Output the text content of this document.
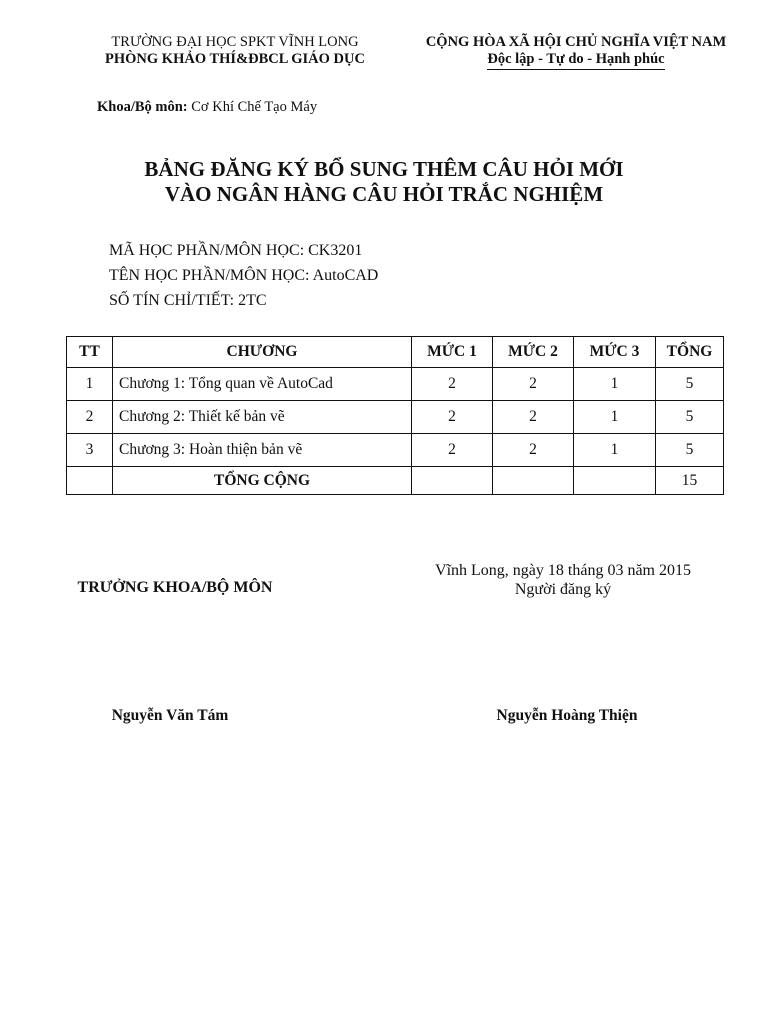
TRƯỜNG ĐẠI HỌC SPKT VĨNH LONG
PHÒNG KHẢO THÍ&ĐBCL GIÁO DỤC
CỘNG HÒA XÃ HỘI CHỦ NGHĨA VIỆT NAM
Độc lập - Tự do - Hạnh phúc
Khoa/Bộ môn: Cơ Khí Chế Tạo Máy
BẢNG ĐĂNG KÝ BỔ SUNG THÊM CÂU HỎI MỚI
VÀO NGÂN HÀNG CÂU HỎI TRẮC NGHIỆM
MÃ HỌC PHẦN/MÔN HỌC: CK3201
TÊN HỌC PHẦN/MÔN HỌC: AutoCAD
SỐ TÍN CHỈ/TIẾT: 2TC
TT	CHƯƠNG	MỨC 1	MỨC 2	MỨC 3	TỔNG
1	Chương 1: Tổng quan về AutoCad	2	2	1	5
2	Chương 2: Thiết kế bản vẽ	2	2	1	5
3	Chương 3: Hoàn thiện bản vẽ	2	2	1	5
	TỔNG CỘNG				15
Vĩnh Long, ngày 18 tháng 03 năm 2015
Người đăng ký
TRƯỞNG KHOA/BỘ MÔN
Nguyễn Văn Tám	Nguyễn Hoàng Thiện
